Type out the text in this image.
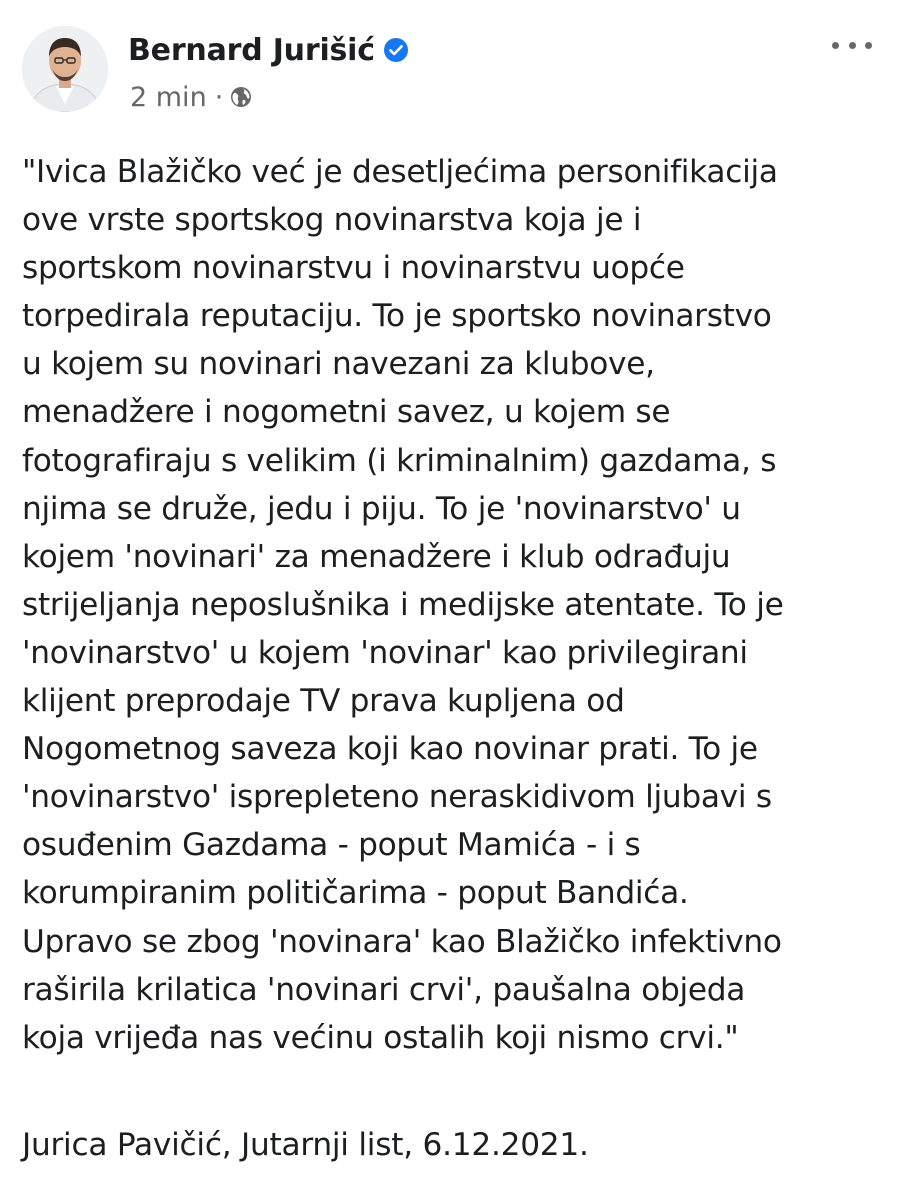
Bernard Jurišić
2 min ·
"Ivica Blažičko već je desetljećima personifikacija
ove vrste sportskog novinarstva koja je i
sportskom novinarstvu i novinarstvu uopće
torpedirala reputaciju. To je sportsko novinarstvo
u kojem su novinari navezani za klubove,
menadžere i nogometni savez, u kojem se
fotografiraju s velikim (i kriminalnim) gazdama, s
njima se druže, jedu i piju. To je 'novinarstvo' u
kojem 'novinari' za menadžere i klub odrađuju
strijeljanja neposlušnika i medijske atentate. To je
'novinarstvo' u kojem 'novinar' kao privilegirani
klijent preprodaje TV prava kupljena od
Nogometnog saveza koji kao novinar prati. To je
'novinarstvo' isprepleteno neraskidivom ljubavi s
osuđenim Gazdama - poput Mamića - i s
korumpiranim političarima - poput Bandića.
Upravo se zbog 'novinara' kao Blažičko infektivno
raširila krilatica 'novinari crvi', paušalna objeda
koja vrijeđa nas većinu ostalih koji nismo crvi."
Jurica Pavičić, Jutarnji list, 6.12.2021.
